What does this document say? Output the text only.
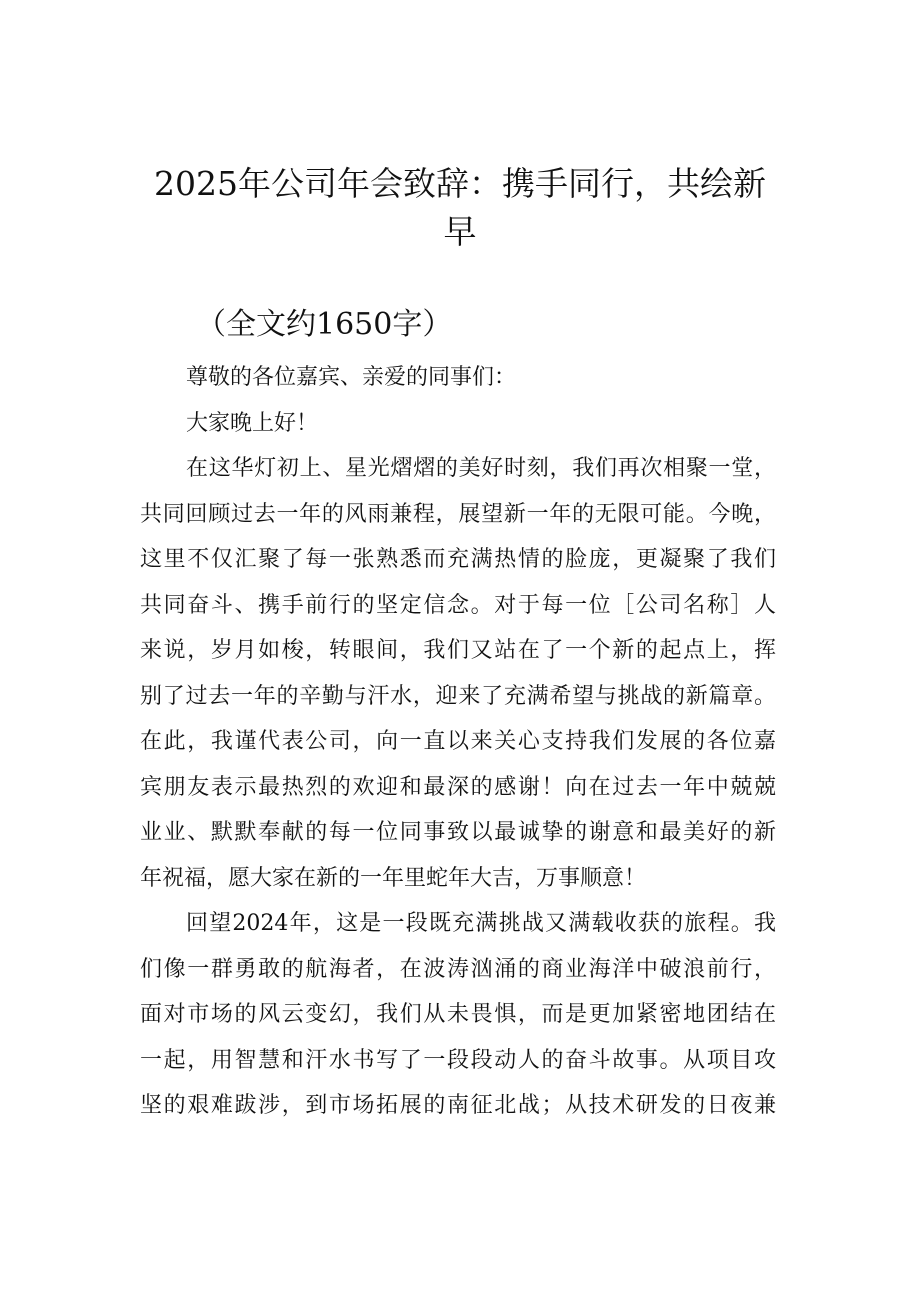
2025年公司年会致辞：携手同行，共绘新
早
（全文约1650字）
尊敬的各位嘉宾、亲爱的同事们：
大家晚上好！
在这华灯初上、星光熠熠的美好时刻，我们再次相聚一堂，
共同回顾过去一年的风雨兼程，展望新一年的无限可能。今晚，
这里不仅汇聚了每一张熟悉而充满热情的脸庞，更凝聚了我们
共同奋斗、携手前行的坚定信念。对于每一位［公司名称］人
来说，岁月如梭，转眼间，我们又站在了一个新的起点上，挥
别了过去一年的辛勤与汗水，迎来了充满希望与挑战的新篇章。
在此，我谨代表公司，向一直以来关心支持我们发展的各位嘉
宾朋友表示最热烈的欢迎和最深的感谢！向在过去一年中兢兢
业业、默默奉献的每一位同事致以最诚挚的谢意和最美好的新
年祝福，愿大家在新的一年里蛇年大吉，万事顺意！
回望2024年，这是一段既充满挑战又满载收获的旅程。我
们像一群勇敢的航海者，在波涛汹涌的商业海洋中破浪前行，
面对市场的风云变幻，我们从未畏惧，而是更加紧密地团结在
一起，用智慧和汗水书写了一段段动人的奋斗故事。从项目攻
坚的艰难跋涉，到市场拓展的南征北战；从技术研发的日夜兼
